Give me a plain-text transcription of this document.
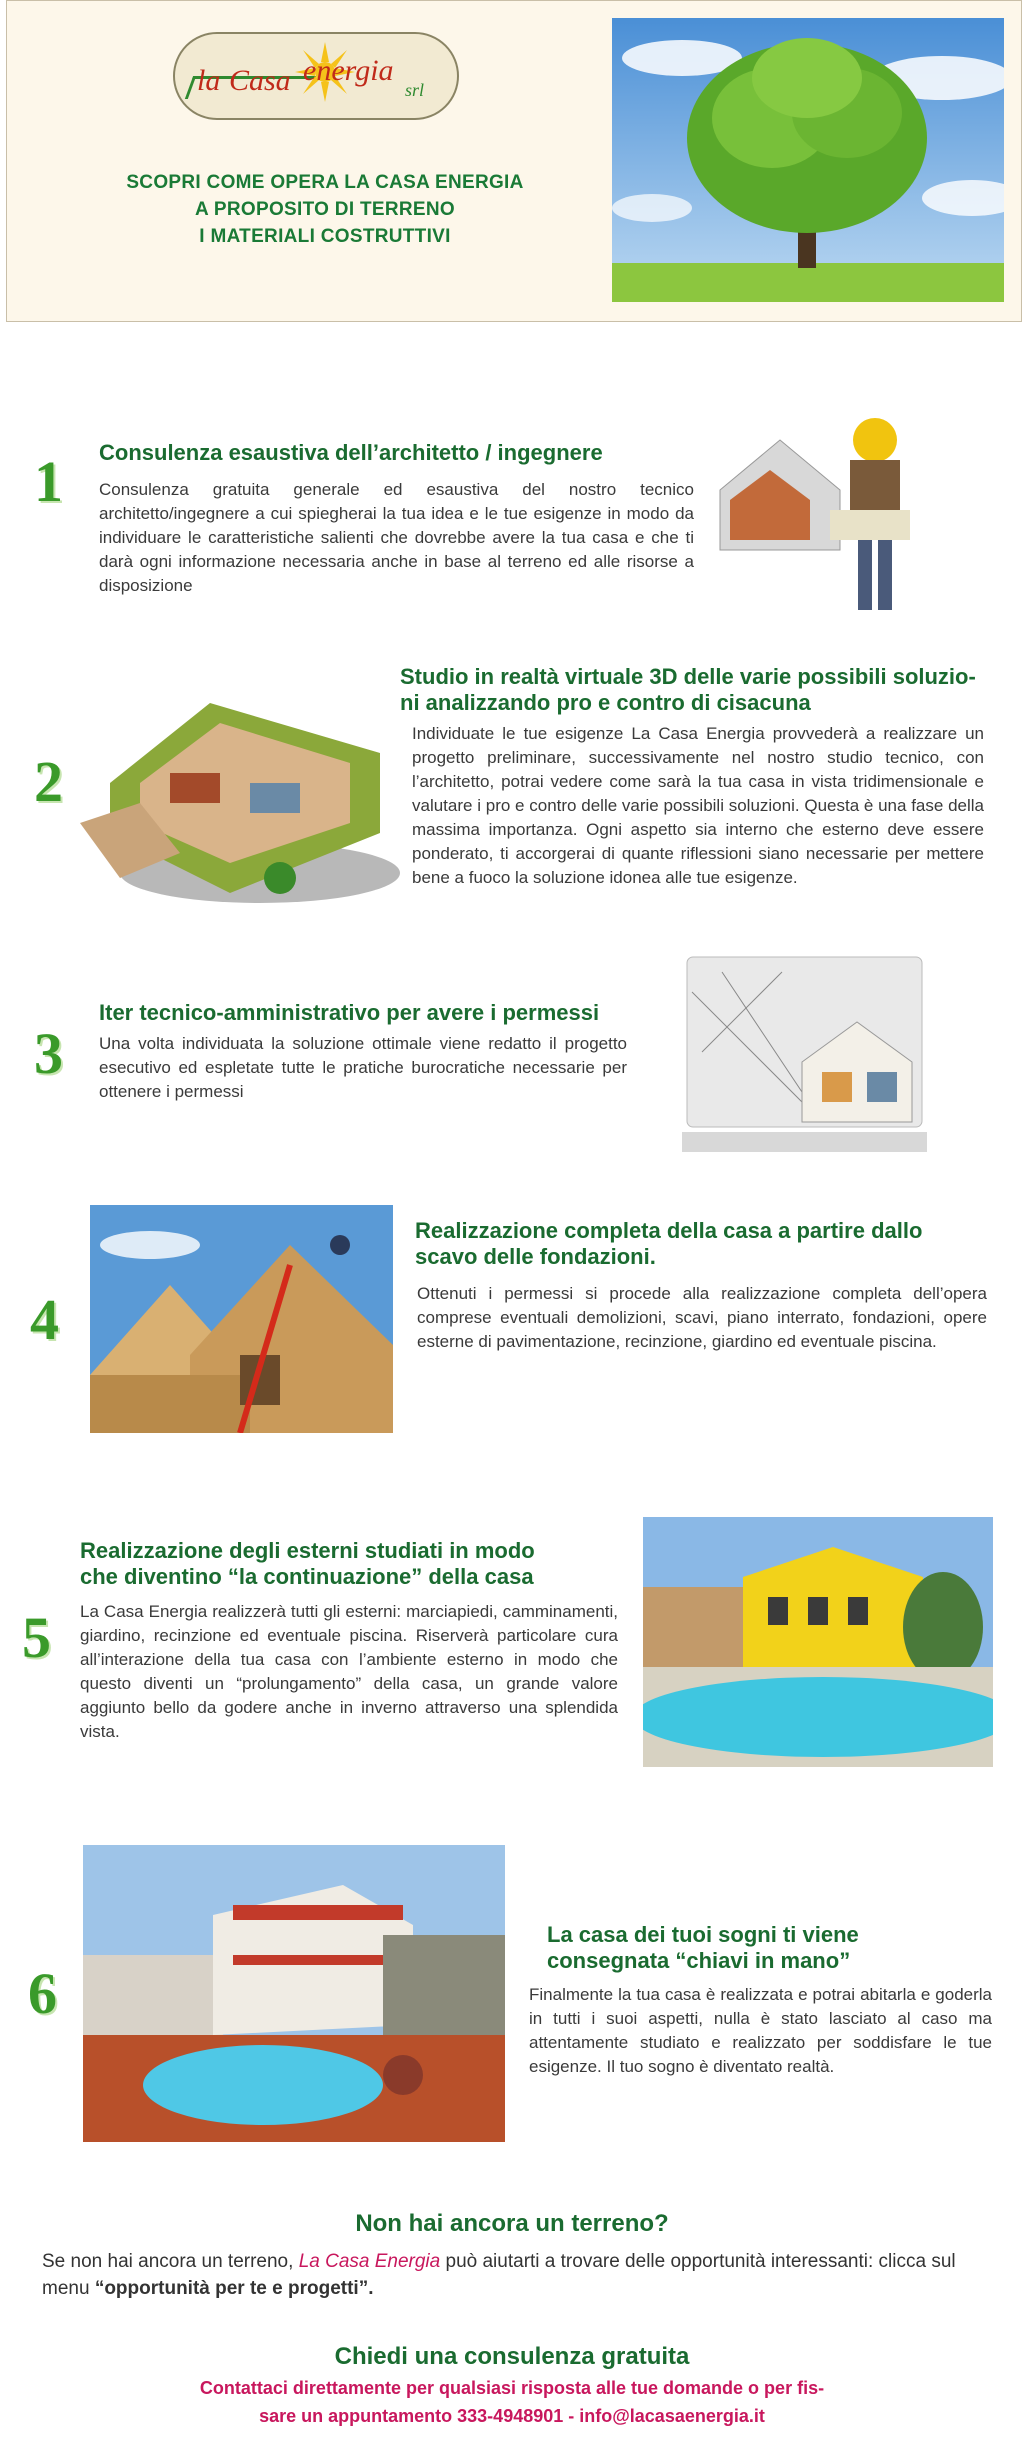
la Casa energia
srl
SCOPRI COME OPERA LA CASA ENERGIA
A PROPOSITO DI TERRENO
I MATERIALI COSTRUTTIVI
1 Consulenza esaustiva dell’architetto / ingegnere
Consulenza gratuita generale ed esaustiva del nostro tecnico architetto/ingegnere a cui spiegherai la tua idea e le tue esigenze in modo da individuare le caratteristiche salienti che dovrebbe avere la tua casa e che ti darà ogni informazione necessaria anche in base al terreno ed alle risorse a disposizione
Studio in realtà virtuale 3D delle varie possibili soluzio-
ni analizzando pro e contro di cisacuna
2
Individuate le tue esigenze La Casa Energia provvederà a realizzare un progetto preliminare, successivamente nel nostro studio tecnico, con l’architetto, potrai vedere come sarà la tua casa in vista tridimensionale e valutare i pro e contro delle varie possibili soluzioni. Questa è una fase della massima importanza. Ogni aspetto sia interno che esterno deve essere ponderato, ti accorgerai di quante riflessioni siano necessarie per mettere bene a fuoco la soluzione idonea alle tue esigenze.
3
Iter tecnico-amministrativo per avere i permessi
Una volta individuata la soluzione ottimale viene redatto il progetto esecutivo ed espletate tutte le pratiche burocratiche necessarie per ottenere i permessi
Realizzazione completa della casa a partire dallo
scavo delle fondazioni.
4	Ottenuti i permessi si procede alla realizzazione completa dell’opera comprese eventuali demolizioni, scavi, piano interrato, fondazioni, opere esterne di pavimentazione, recinzione, giardino ed eventuale piscina.
Realizzazione degli esterni studiati in modo
che diventino “la continuazione” della casa
5 La Casa Energia realizzerà tutti gli esterni: marciapiedi, camminamenti, giardino, recinzione ed eventuale piscina. Riserverà particolare cura all’interazione della tua casa con l’ambiente esterno in modo che questo diventi un “prolungamento” della casa, un grande valore aggiunto bello da godere anche in inverno attraverso una splendida vista.
6
La casa dei tuoi sogni ti viene
consegnata “chiavi in mano”
Finalmente la tua casa è realizzata e potrai abitarla e goderla in tutti i suoi aspetti, nulla è stato lasciato al caso ma attentamente studiato e realizzato per soddisfare le tue esigenze. Il tuo sogno è diventato realtà.
Non hai ancora un terreno?
Se non hai ancora un terreno, La Casa Energia può aiutarti a trovare delle opportunità interessanti: clicca sul menu “opportunità per te e progetti”.
Chiedi una consulenza gratuita
Contattaci direttamente per qualsiasi risposta alle tue domande o per fis-
sare un appuntamento 333-4948901 - info@lacasaenergia.it
